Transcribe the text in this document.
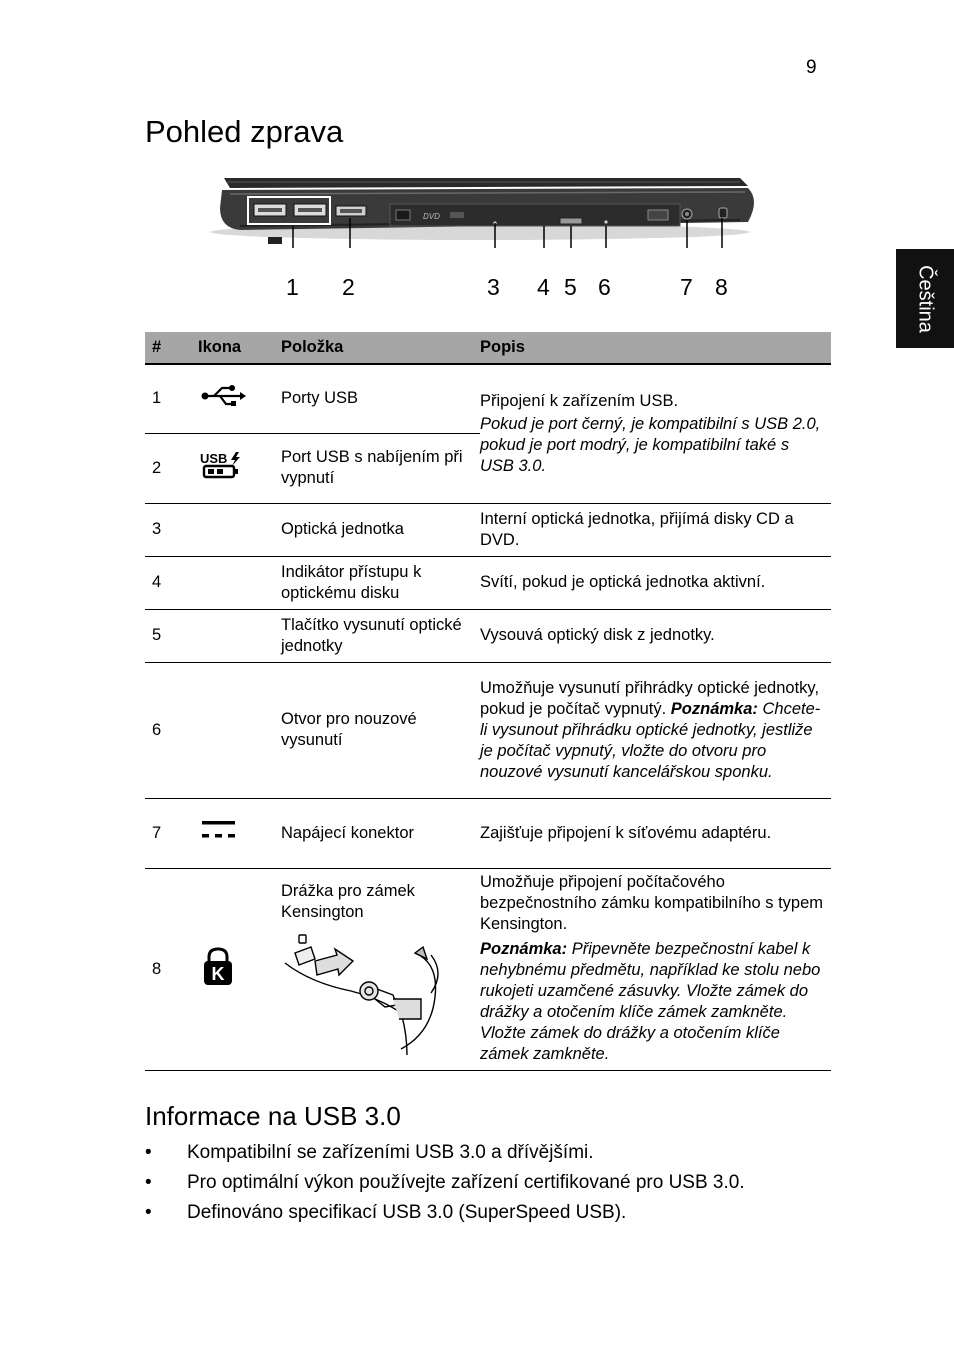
9
Pohled zprava
Čeština
DVD
1 2	3 4 5 6	7 8
#	Ikona	Položka	Popis
1		Porty USB	Připojení k zařízením USB.

Pokud je port černý, je kompatibilní s USB 2.0, pokud je port modrý, je kompatibilní také s USB 3.0.

2	USB	Port USB s nabíjením při vypnutí	
3		Optická jednotka	Interní optická jednotka, přijímá disky CD a DVD.
4		Indikátor přístupu k optickému disku	Svítí, pokud je optická jednotka aktivní.
5		Tlačítko vysunutí optické jednotky	Vysouvá optický disk z jednotky.
6		Otvor pro nouzové vysunutí	Umožňuje vysunutí přihrádky optické jednotky, pokud je počítač vypnutý. Poznámka: Chcete-li vysunout přihrádku optické jednotky, jestliže je počítač vypnutý, vložte do otvoru pro nouzové vysunutí kancelářskou sponku.
7		Napájecí konektor	Zajišťuje připojení k síťovému adaptéru.
8	K	Drážka pro zámek Kensington	Umožňuje připojení počítačového bezpečnostního zámku kompatibilního s typem Kensington.

Poznámka: Připevněte bezpečnostní kabel k nehybnému předmětu, například ke stolu nebo rukojeti uzamčené zásuvky. Vložte zámek do drážky a otočením klíče zámek zamkněte. Vložte zámek do drážky a otočením klíče zámek zamkněte.

Informace na USB 3.0
• Kompatibilní se zařízeními USB 3.0 a dřívějšími.
• Pro optimální výkon používejte zařízení certifikované pro USB 3.0.
• Definováno specifikací USB 3.0 (SuperSpeed USB).
